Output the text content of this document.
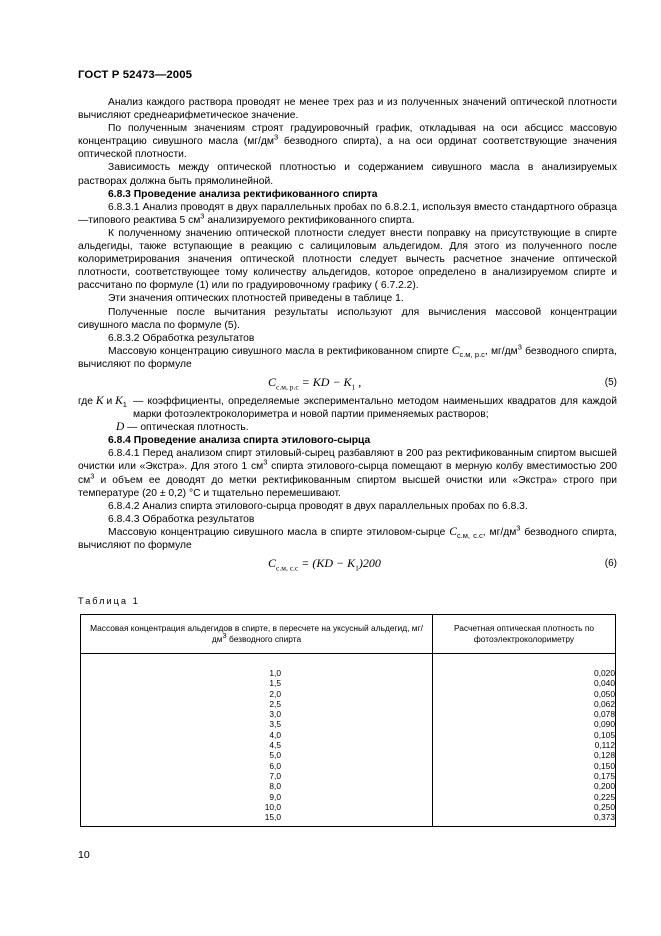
ГОСТ Р 52473—2005

Анализ каждого раствора проводят не менее трех раз и из полученных значений оптической плотности вычисляют среднеарифметическое значение.

По полученным значениям строят градуировочный график, откладывая на оси абсцисс массовую концентрацию сивушного масла ($мг/дм^3$ безводного спирта), а на оси ординат соответствующие значения оптической плотности.

Зависимость между оптической плотностью и содержанием сивушного масла в анализируемых растворах должна быть прямолинейной.

6.8.3 Проведение анализа ректификованного спирта

6.8.3.1 Анализ проводят в двух параллельных пробах по 6.8.2.1, используя вместо стандартного образца —типового реактива 5 $см^3$ анализируемого ректификованного спирта.

К полученному значению оптической плотности следует внести поправку на присутствующие в спирте альдегиды, также вступающие в реакцию с салициловым альдегидом. Для этого из полученного после колориметрирования значения оптической плотности следует вычесть расчетное значение оптической плотности, соответствующее тому количеству альдегидов, которое определено в анализируемом спирте и рассчитано по формуле (1) или по градуировочному графику ( 6.7.2.2).

Эти значения оптических плотностей приведены в таблице 1.

Полученные после вычитания результаты используют для вычисления массовой концентрации сивушного масла по формуле (5).

6.8.3.2 Обработка результатов

Массовую концентрацию сивушного масла в ректификованном спирте $C_{с.м, р.с}$, $мг/дм^3$ безводного спирта, вычисляют по формуле

$C_{с.м, р.с}$ = KD − $K_1$ ,	(5)

где K и $K_1$ — коэффициенты, определяемые экспериментально методом наименьших квадратов для каждой марки фотоэлектроколориметра и новой партии применяемых растворов;

D — оптическая плотность.

6.8.4 Проведение анализа спирта этилового-сырца

6.8.4.1 Перед анализом спирт этиловый-сырец разбавляют в 200 раз ректификованным спиртом высшей очистки или «Экстра». Для этого 1 $см^3$ спирта этилового-сырца помещают в мерную колбу вместимостью 200 $см^3$ и объем ее доводят до метки ректификованным спиртом высшей очистки или «Экстра» строго при температуре (20 ± 0,2) °С и тщательно перемешивают.

6.8.4.2 Анализ спирта этилового-сырца проводят в двух параллельных пробах по 6.8.3.

6.8.4.3 Обработка результатов

Массовую концентрацию сивушного масла в спирте этиловом-сырце $C_{с.м, с.с}$, $мг/дм^3$ безводного спирта, вычисляют по формуле

$C_{с.м, с.с} = (KD - K_1)200$	(6)
Таблица 1
Массовая концентрация альдегидов в спирте, в пересчете на уксусный альдегид, $мг/дм^3$ безводного спирта	Расчетная оптическая плотность по фотоэлектроколориметру

1,0	0,020
1,5	0,040
2,0	0,050
2,5	0,062
3,0	0,078
3,5	0,090
4,0	0,105
4,5	0,112
5,0	0,128
6,0	0,150
7,0	0,175
8,0	0,200
9,0	0,225
10,0	0,250
15,0	0,373
10
